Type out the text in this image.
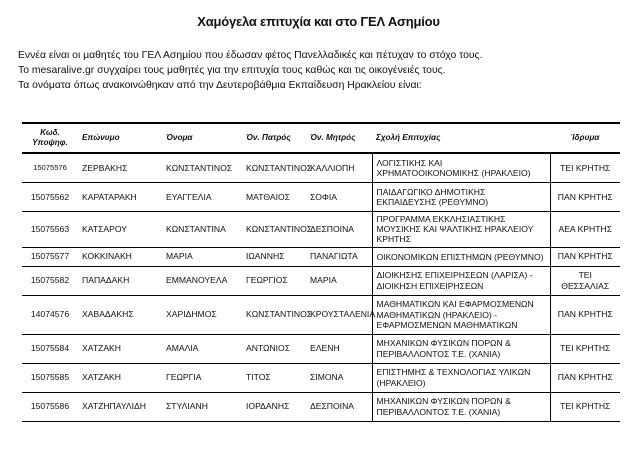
Χαμόγελα επιτυχία και στο ΓΕΛ Ασημίου
Εννέα είναι οι μαθητές του ΓΕΛ Ασημίου που έδωσαν φέτος Πανελλαδικές και πέτυχαν το στόχο τους.
Το mesaralive.gr συγχαίρει τους μαθητές για την επιτυχία τους καθώς και τις οικογένειές τους.
Τα ονόματα όπως ανακοινώθηκαν από την Δευτεροβάθμια Εκπαίδευση Ηρακλείου είναι:
Κωδ. Υποψηφ.	Επώνυμο	Όνομα	Όν. Πατρός	Όν. Μητρός	Σχολή Επιτυχίας	Ίδρυμα
15075576	ΖΕΡΒΑΚΗΣ	ΚΩΝΣΤΑΝΤΙΝΟΣ	ΚΩΝΣΤΑΝΤΙΝΟΣ	ΚΑΛΛΙΟΠΗ	ΛΟΓΙΣΤΙΚΗΣ ΚΑΙ ΧΡΗΜΑΤΟΟΙΚΟΝΟΜΙΚΗΣ (ΗΡΑΚΛΕΙΟ)	ΤΕΙ ΚΡΗΤΗΣ
15075562	ΚΑΡΑΤΑΡΑΚΗ	ΕΥΑΓΓΕΛΙΑ	ΜΑΤΘΑΙΟΣ	ΣΟΦΙΑ	ΠΑΙΔΑΓΩΓΙΚΟ ΔΗΜΟΤΙΚΗΣ ΕΚΠΑΙΔΕΥΣΗΣ (ΡΕΘΥΜΝΟ)	ΠΑΝ ΚΡΗΤΗΣ
15075563	ΚΑΤΣΑΡΟΥ	ΚΩΝΣΤΑΝΤΙΝΑ	ΚΩΝΣΤΑΝΤΙΝΟΣ	ΔΕΣΠΟΙΝΑ	ΠΡΟΓΡΑΜΜΑ ΕΚΚΛΗΣΙΑΣΤΙΚΗΣ ΜΟΥΣΙΚΗΣ ΚΑΙ ΨΑΛΤΙΚΗΣ ΗΡΑΚΛΕΙΟΥ ΚΡΗΤΗΣ	ΑΕΑ ΚΡΗΤΗΣ
15075577	ΚΟΚΚΙΝΑΚΗ	ΜΑΡΙΑ	ΙΩΑΝΝΗΣ	ΠΑΝΑΓΙΩΤΑ	ΟΙΚΟΝΟΜΙΚΩΝ ΕΠΙΣΤΗΜΩΝ (ΡΕΘΥΜΝΟ)	ΠΑΝ ΚΡΗΤΗΣ
15075582	ΠΑΠΑΔΑΚΗ	ΕΜΜΑΝΟΥΕΛΑ	ΓΕΩΡΓΙΟΣ	ΜΑΡΙΑ	ΔΙΟΙΚΗΣΗΣ ΕΠΙΧΕΙΡΗΣΕΩΝ (ΛΑΡΙΣΑ) - ΔΙΟΙΚΗΣΗ ΕΠΙΧΕΙΡΗΣΕΩΝ	ΤΕΙ ΘΕΣΣΑΛΙΑΣ
14074576	ΧΑΒΑΔΑΚΗΣ	ΧΑΡΙΔΗΜΟΣ	ΚΩΝΣΤΑΝΤΙΝΟΣ	ΚΡΟΥΣΤΑΛΕΝΙΑ	ΜΑΘΗΜΑΤΙΚΩΝ ΚΑΙ ΕΦΑΡΜΟΣΜΕΝΩΝ ΜΑΘΗΜΑΤΙΚΩΝ (ΗΡΑΚΛΕΙΟ) - ΕΦΑΡΜΟΣΜΕΝΩΝ ΜΑΘΗΜΑΤΙΚΩΝ	ΠΑΝ ΚΡΗΤΗΣ
15075584	ΧΑΤΖΑΚΗ	ΑΜΑΛΙΑ	ΑΝΤΩΝΙΟΣ	ΕΛΕΝΗ	ΜΗΧΑΝΙΚΩΝ ΦΥΣΙΚΩΝ ΠΟΡΩΝ & ΠΕΡΙΒΑΛΛΟΝΤΟΣ Τ.Ε. (ΧΑΝΙΑ)	ΤΕΙ ΚΡΗΤΗΣ
15075585	ΧΑΤΖΑΚΗ	ΓΕΩΡΓΙΑ	ΤΙΤΟΣ	ΣΙΜΟΝΑ	ΕΠΙΣΤΗΜΗΣ & ΤΕΧΝΟΛΟΓΙΑΣ ΥΛΙΚΩΝ (ΗΡΑΚΛΕΙΟ)	ΠΑΝ ΚΡΗΤΗΣ
15075586	ΧΑΤΖΗΠΑΥΛΙΔΗ	ΣΤΥΛΙΑΝΗ	ΙΟΡΔΑΝΗΣ	ΔΕΣΠΟΙΝΑ	ΜΗΧΑΝΙΚΩΝ ΦΥΣΙΚΩΝ ΠΟΡΩΝ & ΠΕΡΙΒΑΛΛΟΝΤΟΣ Τ.Ε. (ΧΑΝΙΑ)	ΤΕΙ ΚΡΗΤΗΣ
